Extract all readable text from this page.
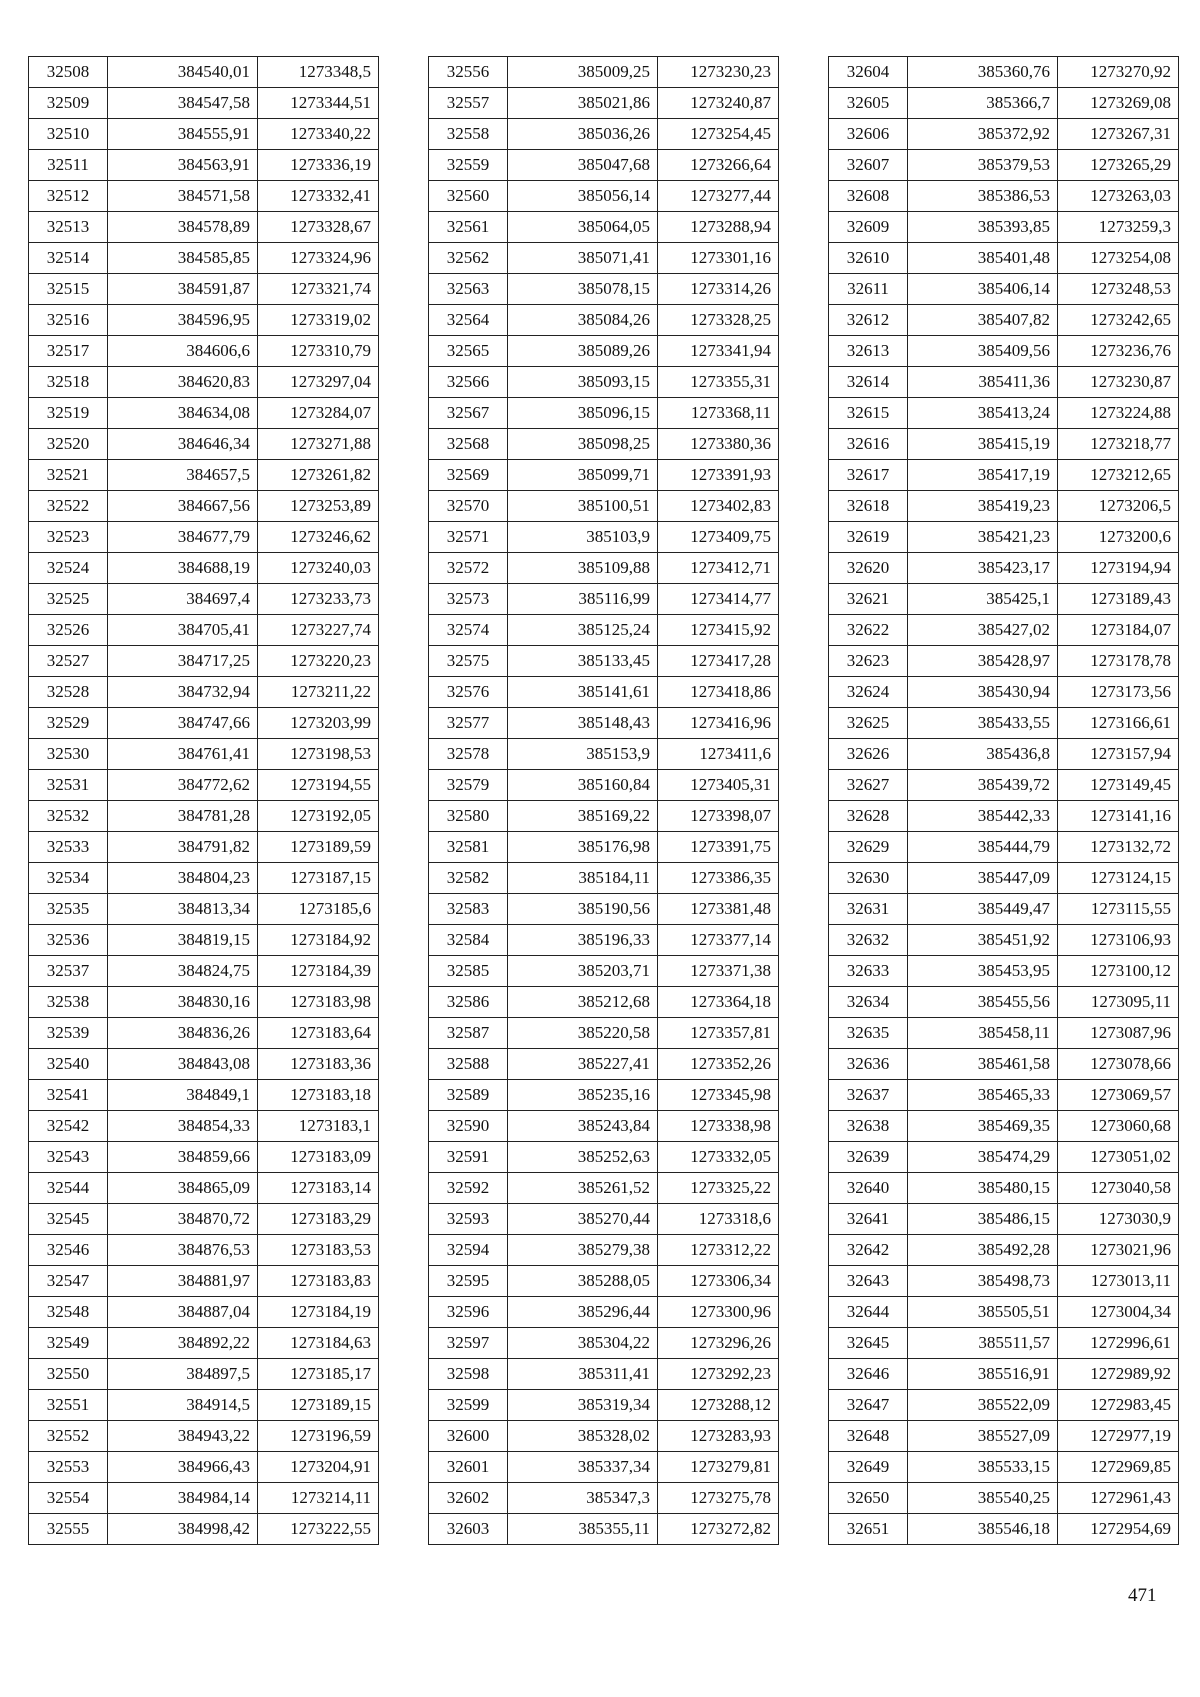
32508	384540,01	1273348,5
32509	384547,58	1273344,51
32510	384555,91	1273340,22
32511	384563,91	1273336,19
32512	384571,58	1273332,41
32513	384578,89	1273328,67
32514	384585,85	1273324,96
32515	384591,87	1273321,74
32516	384596,95	1273319,02
32517	384606,6	1273310,79
32518	384620,83	1273297,04
32519	384634,08	1273284,07
32520	384646,34	1273271,88
32521	384657,5	1273261,82
32522	384667,56	1273253,89
32523	384677,79	1273246,62
32524	384688,19	1273240,03
32525	384697,4	1273233,73
32526	384705,41	1273227,74
32527	384717,25	1273220,23
32528	384732,94	1273211,22
32529	384747,66	1273203,99
32530	384761,41	1273198,53
32531	384772,62	1273194,55
32532	384781,28	1273192,05
32533	384791,82	1273189,59
32534	384804,23	1273187,15
32535	384813,34	1273185,6
32536	384819,15	1273184,92
32537	384824,75	1273184,39
32538	384830,16	1273183,98
32539	384836,26	1273183,64
32540	384843,08	1273183,36
32541	384849,1	1273183,18
32542	384854,33	1273183,1
32543	384859,66	1273183,09
32544	384865,09	1273183,14
32545	384870,72	1273183,29
32546	384876,53	1273183,53
32547	384881,97	1273183,83
32548	384887,04	1273184,19
32549	384892,22	1273184,63
32550	384897,5	1273185,17
32551	384914,5	1273189,15
32552	384943,22	1273196,59
32553	384966,43	1273204,91
32554	384984,14	1273214,11
32555	384998,42	1273222,55
32556	385009,25	1273230,23
32557	385021,86	1273240,87
32558	385036,26	1273254,45
32559	385047,68	1273266,64
32560	385056,14	1273277,44
32561	385064,05	1273288,94
32562	385071,41	1273301,16
32563	385078,15	1273314,26
32564	385084,26	1273328,25
32565	385089,26	1273341,94
32566	385093,15	1273355,31
32567	385096,15	1273368,11
32568	385098,25	1273380,36
32569	385099,71	1273391,93
32570	385100,51	1273402,83
32571	385103,9	1273409,75
32572	385109,88	1273412,71
32573	385116,99	1273414,77
32574	385125,24	1273415,92
32575	385133,45	1273417,28
32576	385141,61	1273418,86
32577	385148,43	1273416,96
32578	385153,9	1273411,6
32579	385160,84	1273405,31
32580	385169,22	1273398,07
32581	385176,98	1273391,75
32582	385184,11	1273386,35
32583	385190,56	1273381,48
32584	385196,33	1273377,14
32585	385203,71	1273371,38
32586	385212,68	1273364,18
32587	385220,58	1273357,81
32588	385227,41	1273352,26
32589	385235,16	1273345,98
32590	385243,84	1273338,98
32591	385252,63	1273332,05
32592	385261,52	1273325,22
32593	385270,44	1273318,6
32594	385279,38	1273312,22
32595	385288,05	1273306,34
32596	385296,44	1273300,96
32597	385304,22	1273296,26
32598	385311,41	1273292,23
32599	385319,34	1273288,12
32600	385328,02	1273283,93
32601	385337,34	1273279,81
32602	385347,3	1273275,78
32603	385355,11	1273272,82
32604	385360,76	1273270,92
32605	385366,7	1273269,08
32606	385372,92	1273267,31
32607	385379,53	1273265,29
32608	385386,53	1273263,03
32609	385393,85	1273259,3
32610	385401,48	1273254,08
32611	385406,14	1273248,53
32612	385407,82	1273242,65
32613	385409,56	1273236,76
32614	385411,36	1273230,87
32615	385413,24	1273224,88
32616	385415,19	1273218,77
32617	385417,19	1273212,65
32618	385419,23	1273206,5
32619	385421,23	1273200,6
32620	385423,17	1273194,94
32621	385425,1	1273189,43
32622	385427,02	1273184,07
32623	385428,97	1273178,78
32624	385430,94	1273173,56
32625	385433,55	1273166,61
32626	385436,8	1273157,94
32627	385439,72	1273149,45
32628	385442,33	1273141,16
32629	385444,79	1273132,72
32630	385447,09	1273124,15
32631	385449,47	1273115,55
32632	385451,92	1273106,93
32633	385453,95	1273100,12
32634	385455,56	1273095,11
32635	385458,11	1273087,96
32636	385461,58	1273078,66
32637	385465,33	1273069,57
32638	385469,35	1273060,68
32639	385474,29	1273051,02
32640	385480,15	1273040,58
32641	385486,15	1273030,9
32642	385492,28	1273021,96
32643	385498,73	1273013,11
32644	385505,51	1273004,34
32645	385511,57	1272996,61
32646	385516,91	1272989,92
32647	385522,09	1272983,45
32648	385527,09	1272977,19
32649	385533,15	1272969,85
32650	385540,25	1272961,43
32651	385546,18	1272954,69
471
